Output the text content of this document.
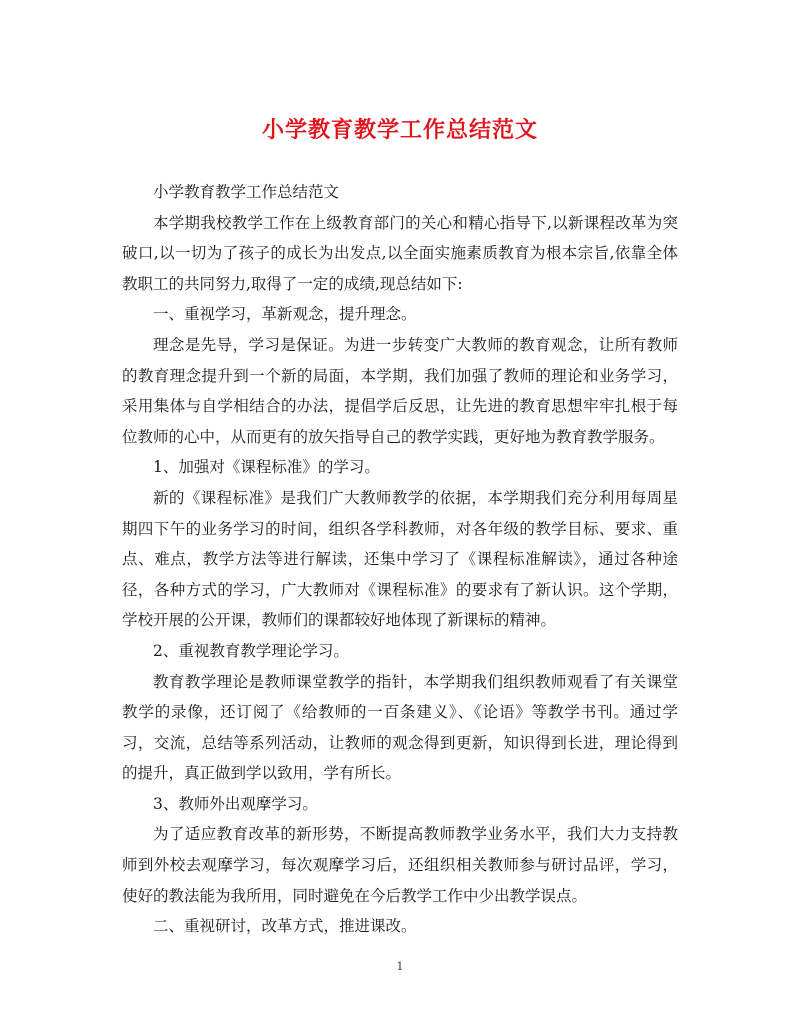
小学教育教学工作总结范文

小学教育教学工作总结范文

本学期我校教学工作在上级教育部门的关心和精心指导下,以新课程改革为突破口,以一切为了孩子的成长为出发点,以全面实施素质教育为根本宗旨,依靠全体教职工的共同努力,取得了一定的成绩,现总结如下:

一、重视学习，革新观念，提升理念。

理念是先导，学习是保证。为进一步转变广大教师的教育观念，让所有教师的教育理念提升到一个新的局面，本学期，我们加强了教师的理论和业务学习，采用集体与自学相结合的办法，提倡学后反思，让先进的教育思想牢牢扎根于每位教师的心中，从而更有的放矢指导自己的教学实践，更好地为教育教学服务。

1、加强对《课程标准》的学习。

新的《课程标准》是我们广大教师教学的依据，本学期我们充分利用每周星期四下午的业务学习的时间，组织各学科教师，对各年级的教学目标、要求、重点、难点，教学方法等进行解读，还集中学习了《课程标准解读》，通过各种途径，各种方式的学习，广大教师对《课程标准》的要求有了新认识。这个学期，学校开展的公开课，教师们的课都较好地体现了新课标的精神。

2、重视教育教学理论学习。

教育教学理论是教师课堂教学的指针，本学期我们组织教师观看了有关课堂教学的录像，还订阅了《给教师的一百条建义》、《论语》等教学书刊。通过学习，交流，总结等系列活动，让教师的观念得到更新，知识得到长进，理论得到的提升，真正做到学以致用，学有所长。

3、教师外出观摩学习。

为了适应教育改革的新形势，不断提高教师教学业务水平，我们大力支持教师到外校去观摩学习，每次观摩学习后，还组织相关教师参与研讨品评，学习，使好的教法能为我所用，同时避免在今后教学工作中少出教学误点。

二、重视研讨，改革方式，推进课改。

1
